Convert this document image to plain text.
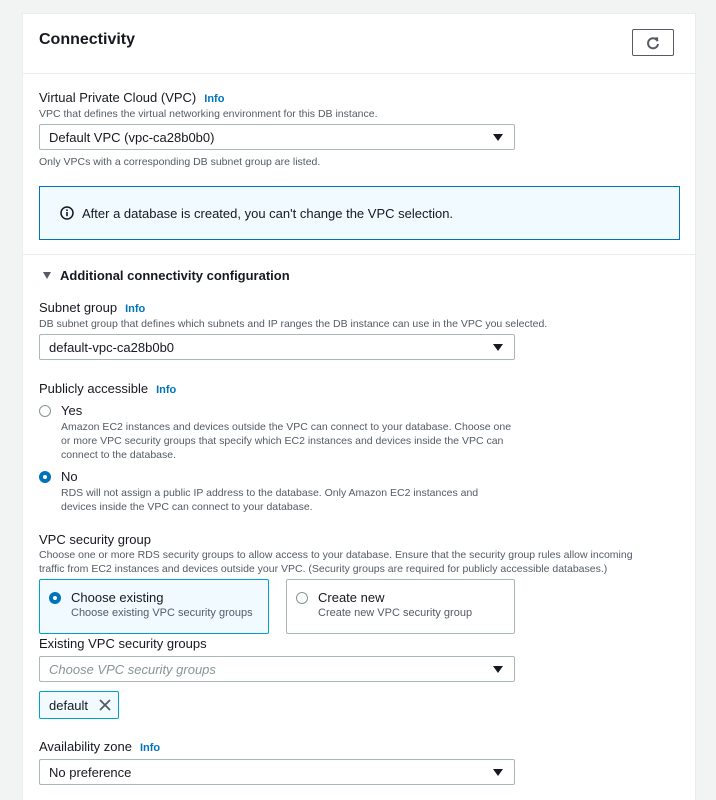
Connectivity
Virtual Private Cloud (VPC) Info
VPC that defines the virtual networking environment for this DB instance.
Default VPC (vpc-ca28b0b0)
Only VPCs with a corresponding DB subnet group are listed.
After a database is created, you can't change the VPC selection.
Additional connectivity configuration
Subnet group Info
DB subnet group that defines which subnets and IP ranges the DB instance can use in the VPC you selected.
default-vpc-ca28b0b0
Publicly accessible Info
Yes
Amazon EC2 instances and devices outside the VPC can connect to your database. Choose one
or more VPC security groups that specify which EC2 instances and devices inside the VPC can
connect to the database.
No
RDS will not assign a public IP address to the database. Only Amazon EC2 instances and
devices inside the VPC can connect to your database.
VPC security group
Choose one or more RDS security groups to allow access to your database. Ensure that the security group rules allow incoming
traffic from EC2 instances and devices outside your VPC. (Security groups are required for publicly accessible databases.)
Choose existing
Choose existing VPC security groups
Create new
Create new VPC security group
Existing VPC security groups
Choose VPC security groups
default
Availability zone Info
No preference
